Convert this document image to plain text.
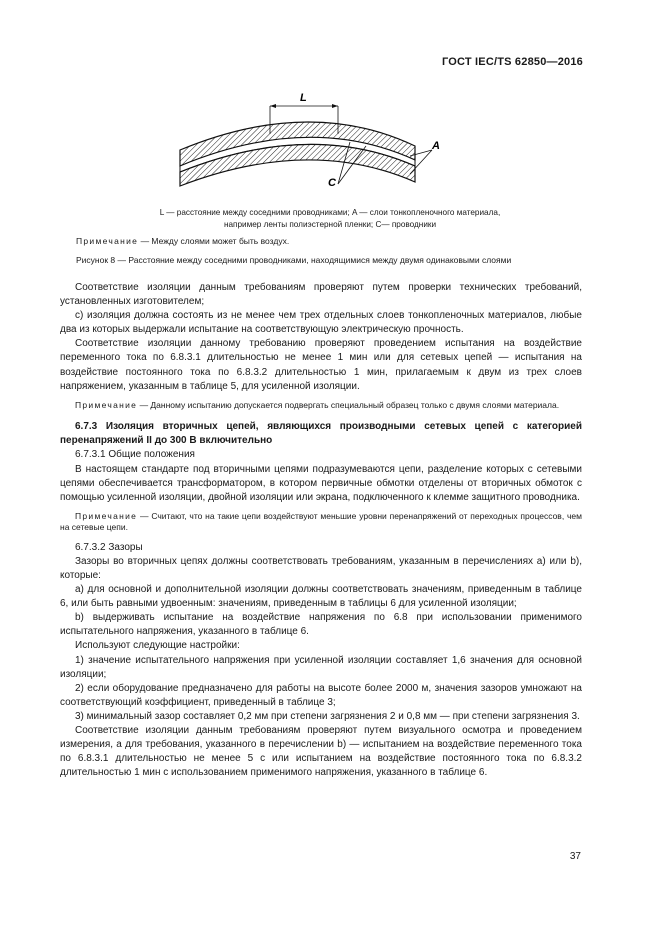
ГОСТ IEC/TS 62850—2016
L
A
C
L — расстояние между соседними проводниками; A — слои тонкопленочного материала,
например ленты полиэстерной пленки; C— проводники
Примечание — Между слоями может быть воздух.
Рисунок 8 — Расстояние между соседними проводниками, находящимися между двумя одинаковыми слоями

Соответствие изоляции данным требованиям проверяют путем проверки технических требований, установленных изготовителем;

с) изоляция должна состоять из не менее чем трех отдельных слоев тонкопленочных материалов, любые два из которых выдержали испытание на соответствующую электрическую прочность.

Соответствие изоляции данному требованию проверяют проведением испытания на воздействие переменного тока по 6.8.3.1 длительностью не менее 1 мин или для сетевых цепей — испытания на воздействие постоянного тока по 6.8.3.2 длительностью 1 мин, прилагаемым к двум из трех слоев напряжением, указанным в таблице 5, для усиленной изоляции.

Примечание — Данному испытанию допускается подвергать специальный образец только с двумя слоями материала.

6.7.3 Изоляция вторичных цепей, являющихся производными сетевых цепей с категорией перенапряжений II до 300 В включительно

6.7.3.1 Общие положения

В настоящем стандарте под вторичными цепями подразумеваются цепи, разделение которых с сетевыми цепями обеспечивается трансформатором, в котором первичные обмотки отделены от вторичных обмоток с помощью усиленной изоляции, двойной изоляции или экрана, подключенного к клемме защитного проводника.

Примечание — Считают, что на такие цепи воздействуют меньшие уровни перенапряжений от переходных процессов, чем на сетевые цепи.

6.7.3.2 Зазоры

Зазоры во вторичных цепях должны соответствовать требованиям, указанным в перечислениях а) или b), которые:

а) для основной и дополнительной изоляции должны соответствовать значениям, приведенным в таблице 6, или быть равными удвоенным: значениям, приведенным в таблицы 6 для усиленной изоляции;

b) выдерживать испытание на воздействие напряжения по 6.8 при использовании применимого испытательного напряжения, указанного в таблице 6.

Используют следующие настройки:

1) значение испытательного напряжения при усиленной изоляции составляет 1,6 значения для основной изоляции;

2) если оборудование предназначено для работы на высоте более 2000 м, значения зазоров умножают на соответствующий коэффициент, приведенный в таблице 3;

3) минимальный зазор составляет 0,2 мм при степени загрязнения 2 и 0,8 мм — при степени загрязнения 3.

Соответствие изоляции данным требованиям проверяют путем визуального осмотра и проведением измерения, а для требования, указанного в перечислении b) — испытанием на воздействие переменного тока по 6.8.3.1 длительностью не менее 5 с или испытанием на воздействие постоянного тока по 6.8.3.2 длительностью 1 мин с использованием применимого напряжения, указанного в таблице 6.

37
